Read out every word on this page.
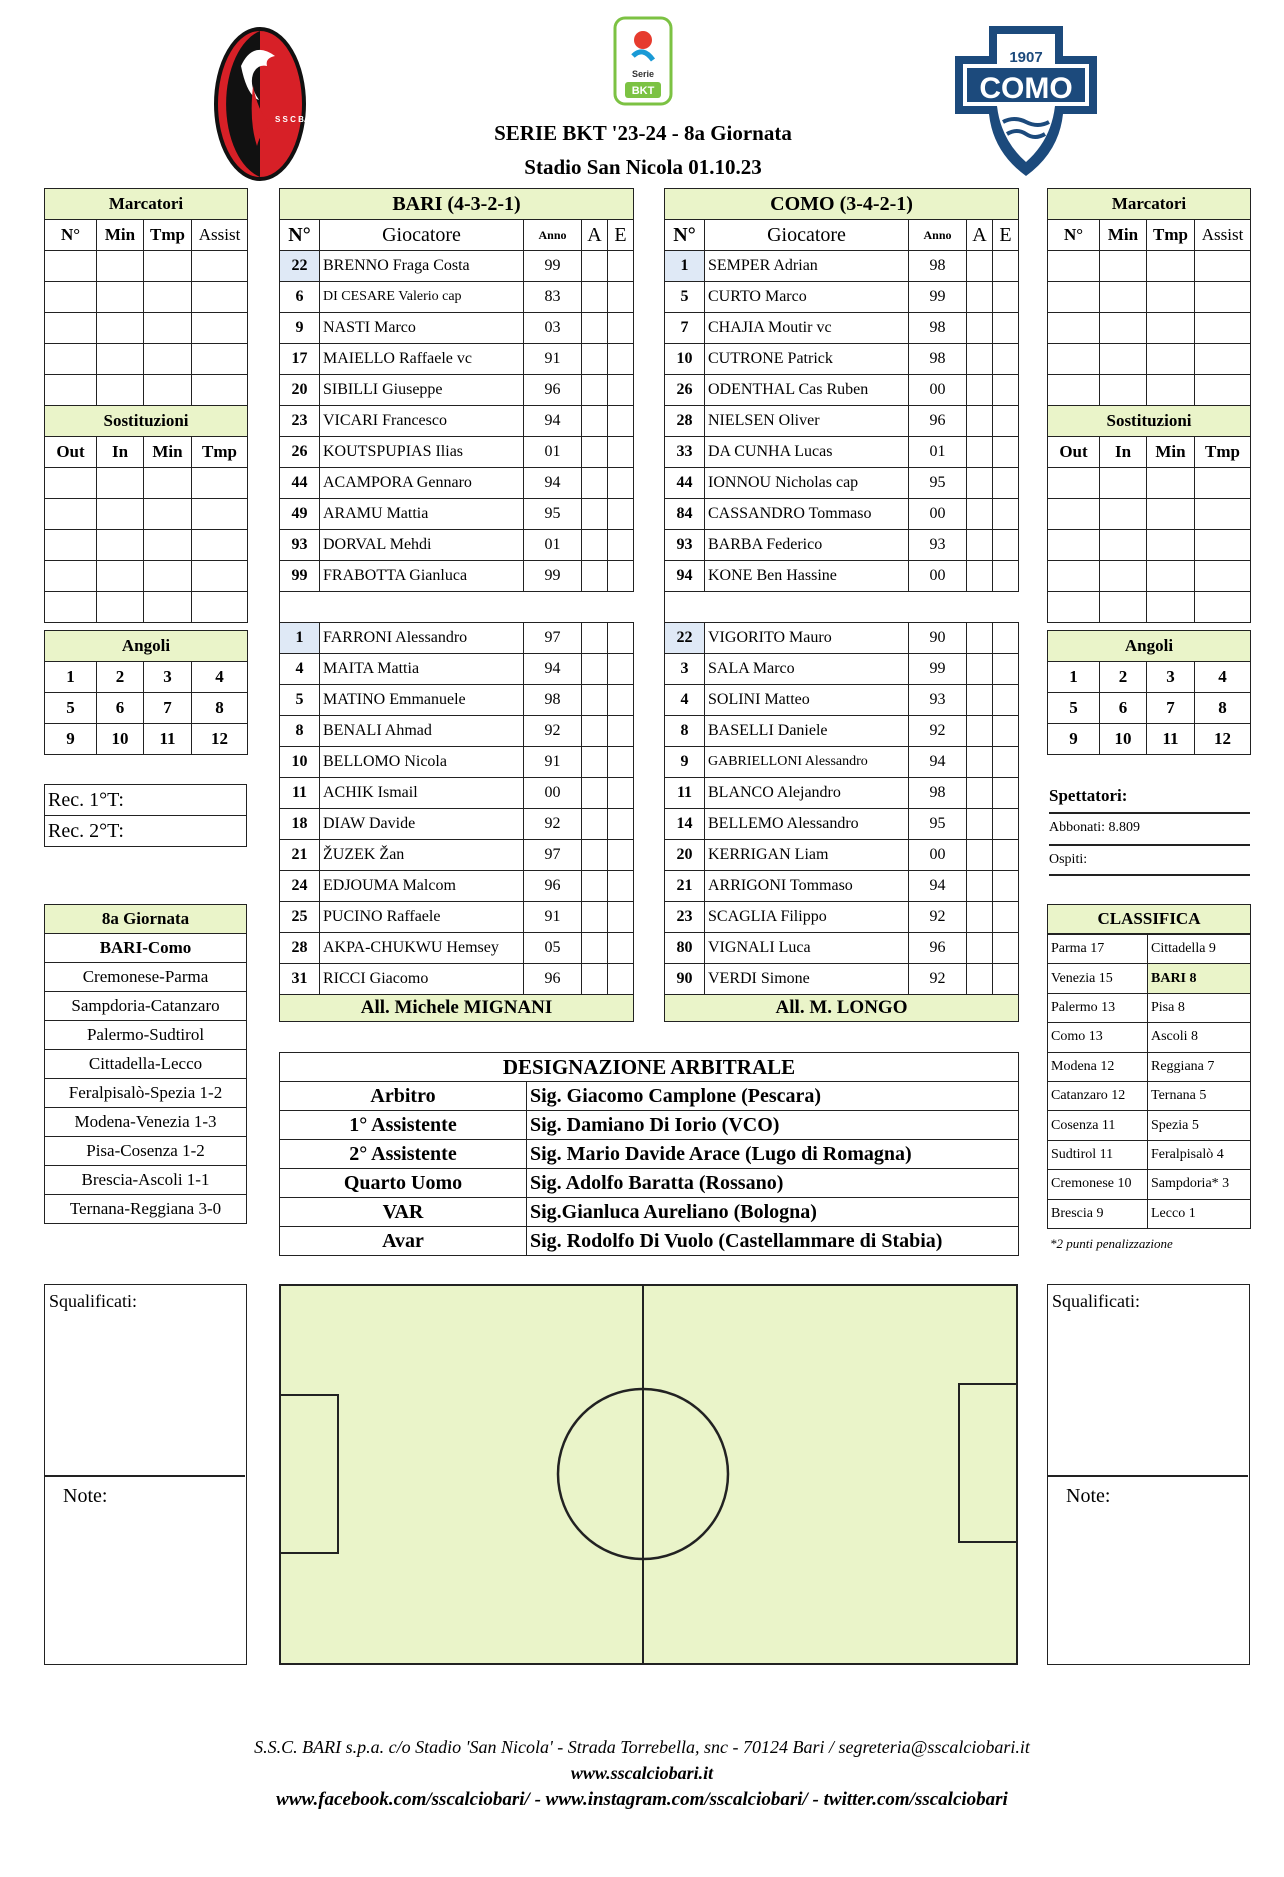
S S C BARI
Serie
BKT
1907
COMO
SERIE BKT '23-24 - 8a Giornata
Stadio San Nicola 01.10.23
Marcatori			
N°	Min	Tmp	Assist

Sostituzioni			
Out	In	Min	Tmp

Angoli			
1	2	3	4
5	6	7	8
9	10	11	12
Rec. 1°T:
Rec. 2°T:
8a Giornata
BARI-Como
Cremonese-Parma
Sampdoria-Catanzaro
Palermo-Sudtirol
Cittadella-Lecco
Feralpisalò-Spezia 1-2
Modena-Venezia 1-3
Pisa-Cosenza 1-2
Brescia-Ascoli 1-1
Ternana-Reggiana 3-0
Marcatori			
N°	Min	Tmp	Assist

Sostituzioni			
Out	In	Min	Tmp

Angoli			
1	2	3	4
5	6	7	8
9	10	11	12
Spettatori:
Abbonati: 8.809
Ospiti:
CLASSIFICA
Parma 17	Cittadella 9
Venezia 15	BARI 8
Palermo 13	Pisa 8
Como 13	Ascoli 8
Modena 12	Reggiana 7
Catanzaro 12	Ternana 5
Cosenza 11	Spezia 5
Sudtirol 11	Feralpisalò 4
Cremonese 10	Sampdoria* 3
Brescia 9	Lecco 1
*2 punti penalizzazione
BARI (4-3-2-1)				
N°	Giocatore	Anno	A	E
22	BRENNO Fraga Costa	99		
6	DI CESARE Valerio cap	83		
9	NASTI Marco	03		
17	MAIELLO Raffaele vc	91		
20	SIBILLI Giuseppe	96		
23	VICARI Francesco	94		
26	KOUTSPUPIAS Ilias	01		
44	ACAMPORA Gennaro	94		
49	ARAMU Mattia	95		
93	DORVAL Mehdi	01		
99	FRABOTTA Gianluca	99		

1	FARRONI Alessandro	97		
4	MAITA Mattia	94		
5	MATINO Emmanuele	98		
8	BENALI Ahmad	92		
10	BELLOMO Nicola	91		
11	ACHIK Ismail	00		
18	DIAW Davide	92		
21	ŽUZEK Žan	97		
24	EDJOUMA Malcom	96		
25	PUCINO Raffaele	91		
28	AKPA-CHUKWU Hemsey	05		
31	RICCI Giacomo	96		
All. Michele MIGNANI				
COMO (3-4-2-1)				
N°	Giocatore	Anno	A	E
1	SEMPER Adrian	98		
5	CURTO Marco	99		
7	CHAJIA Moutir vc	98		
10	CUTRONE Patrick	98		
26	ODENTHAL Cas Ruben	00		
28	NIELSEN Oliver	96		
33	DA CUNHA Lucas	01		
44	IONNOU Nicholas cap	95		
84	CASSANDRO Tommaso	00		
93	BARBA Federico	93		
94	KONE Ben Hassine	00		

22	VIGORITO Mauro	90		
3	SALA Marco	99		
4	SOLINI Matteo	93		
8	BASELLI Daniele	92		
9	GABRIELLONI Alessandro	94		
11	BLANCO Alejandro	98		
14	BELLEMO Alessandro	95		
20	KERRIGAN Liam	00		
21	ARRIGONI Tommaso	94		
23	SCAGLIA Filippo	92		
80	VIGNALI Luca	96		
90	VERDI Simone	92		
All. M. LONGO				
DESIGNAZIONE ARBITRALE	
Arbitro	Sig. Giacomo Camplone (Pescara)
1° Assistente	Sig. Damiano Di Iorio (VCO)
2° Assistente	Sig. Mario Davide Arace (Lugo di Romagna)
Quarto Uomo	Sig. Adolfo Baratta (Rossano)
VAR	Sig.Gianluca Aureliano (Bologna)
Avar	Sig. Rodolfo Di Vuolo (Castellammare di Stabia)
Squalificati:
Note:
Squalificati:
Note:
S.S.C. BARI s.p.a. c/o Stadio 'San Nicola' - Strada Torrebella, snc - 70124 Bari / segreteria@sscalciobari.it
www.sscalciobari.it
www.facebook.com/sscalciobari/ - www.instagram.com/sscalciobari/ - twitter.com/sscalciobari
